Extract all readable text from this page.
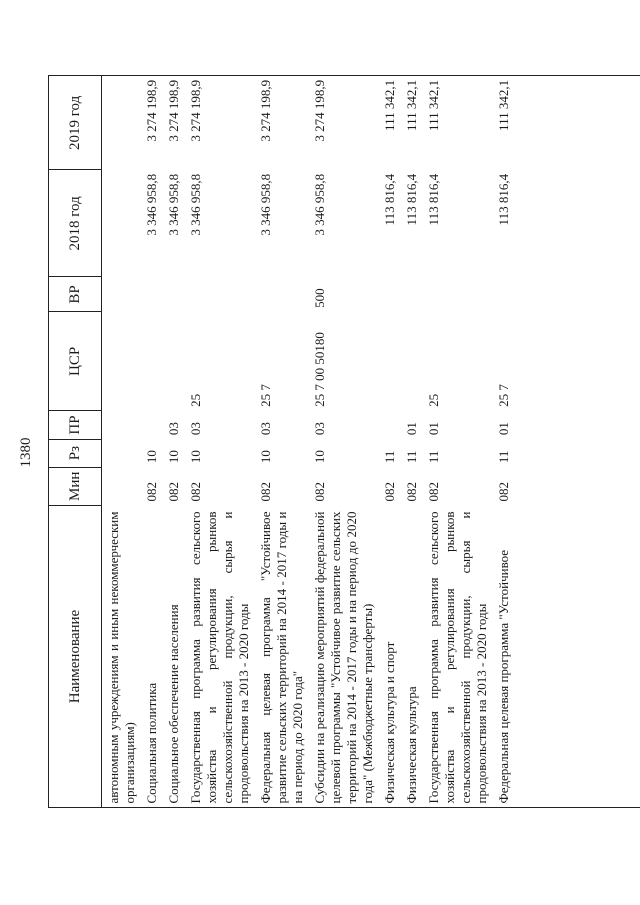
1380
Наименование	Мин	Рз	ПР	ЦСР	ВР	2018 год	2019 год
автономным учреждениям и иным некоммерческим организациям)							
Социальная политика	082	10				3 346 958,8	3 274 198,9
Социальное обеспечение населения	082	10	03			3 346 958,8	3 274 198,9
Государственная программа развития сельского хозяйства и регулирования рынков сельскохозяйственной продукции, сырья и продовольствия на 2013 - 2020 годы	082	10	03	25		3 346 958,8	3 274 198,9
Федеральная целевая программа "Устойчивое развитие сельских территорий на 2014 - 2017 годы и на период до 2020 года"	082	10	03	25 7		3 346 958,8	3 274 198,9
Субсидии на реализацию мероприятий федеральной целевой программы "Устойчивое развитие сельских территорий на 2014 - 2017 годы и на период до 2020 года" (Межбюджетные трансферты)	082	10	03	25 7 00 50180	500	3 346 958,8	3 274 198,9
Физическая культура и спорт	082	11				113 816,4	111 342,1
Физическая культура	082	11	01			113 816,4	111 342,1
Государственная программа развития сельского хозяйства и регулирования рынков сельскохозяйственной продукции, сырья и продовольствия на 2013 - 2020 годы	082	11	01	25		113 816,4	111 342,1
Федеральная целевая программа "Устойчивое	082	11	01	25 7		113 816,4	111 342,1
